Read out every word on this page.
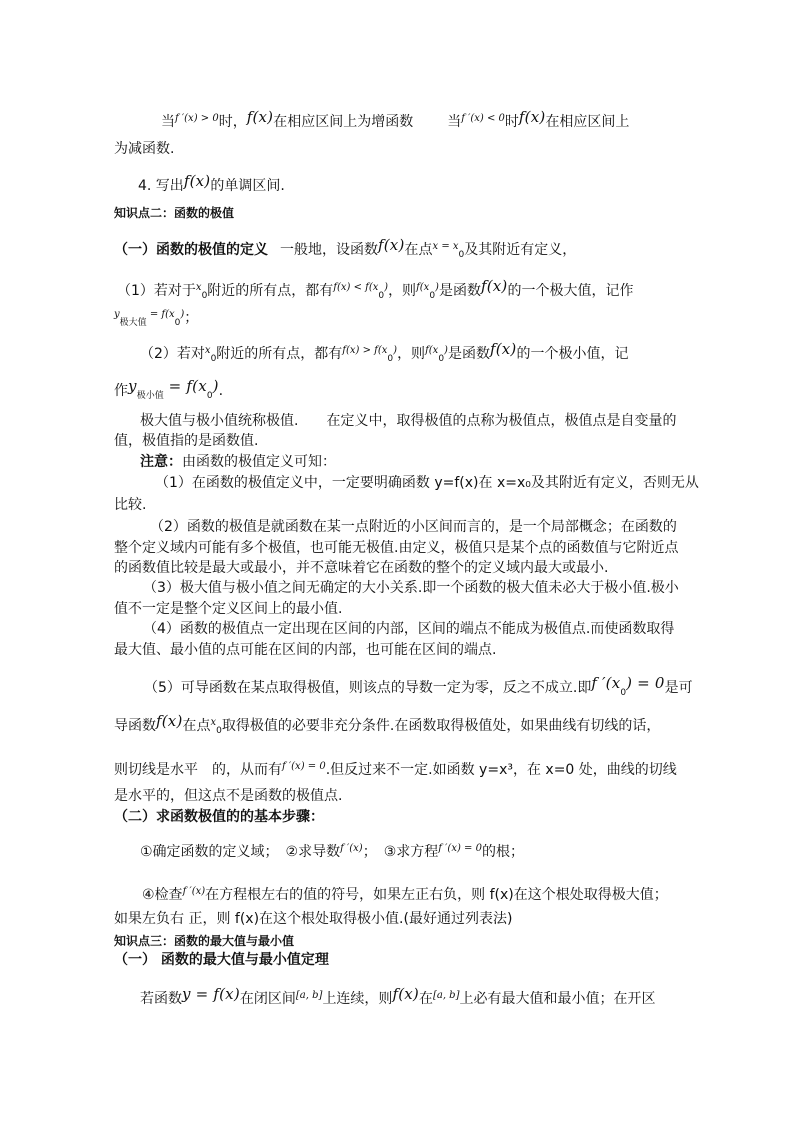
当$^{f '(x) > 0}$时，f(x)在相应区间上为增函数 当$^{f '(x) < 0}$时f(x)在相应区间上
为减函数.
4. 写出f(x)的单调区间.
知识点二：函数的极值
（一）函数的极值的定义 一般地，设函数f(x)在点$^{x = x}_0$及其附近有定义，
（1）若对于$^x_0$附近的所有点，都有$^{f(x) < f(x}_0$)，则$^{f(x}_0$)是函数f(x)的一个极大值，记作
$^y_{极大值}$ $^{= f(x}_0$)；
（2）若对$^x_0$附近的所有点，都有$^{f(x) > f(x}_0$)，则$^{f(x}_0$)是函数f(x)的一个极小值，记
作$y_{极小值} = f(x_0)$.
极大值与极小值统称极值.　　在定义中，取得极值的点称为极值点，极值点是自变量的
值，极值指的是函数值.
注意：由函数的极值定义可知：
（1）在函数的极值定义中，一定要明确函数 y=f(x)在 x=x₀及其附近有定义，否则无从
比较.
（2）函数的极值是就函数在某一点附近的小区间而言的，是一个局部概念；在函数的
整个定义域内可能有多个极值，也可能无极值.由定义，极值只是某个点的函数值与它附近点
的函数值比较是最大或最小，并不意味着它在函数的整个的定义域内最大或最小.
（3）极大值与极小值之间无确定的大小关系.即一个函数的极大值未必大于极小值.极小
值不一定是整个定义区间上的最小值.
（4）函数的极值点一定出现在区间的内部，区间的端点不能成为极值点.而使函数取得
最大值、最小值的点可能在区间的内部，也可能在区间的端点.
（5）可导函数在某点取得极值，则该点的导数一定为零，反之不成立.即f $'(x_0) = 0$是可
导函数f(x)在点$^x_0$取得极值的必要非充分条件.在函数取得极值处，如果曲线有切线的话，
则切线是水平　的，从而有$^{f '(x) = 0}$.但反过来不一定.如函数 y=x³，在 x=0 处，曲线的切线
是水平的，但这点不是函数的极值点.
（二）求函数极值的的基本步骤：
①确定函数的定义域；　②求导数$^{f '(x)}$；　③求方程$^{f '(x) = 0}$的根；
④检查$^{f '(x)}$在方程根左右的值的符号，如果左正右负，则 f(x)在这个根处取得极大值；
如果左负右 正，则 f(x)在这个根处取得极小值.(最好通过列表法)
知识点三：函数的最大值与最小值
（一） 函数的最大值与最小值定理
若函数y = f(x)在闭区间[a, b]上连续，则f(x)在[a, b]上必有最大值和最小值；在开区
